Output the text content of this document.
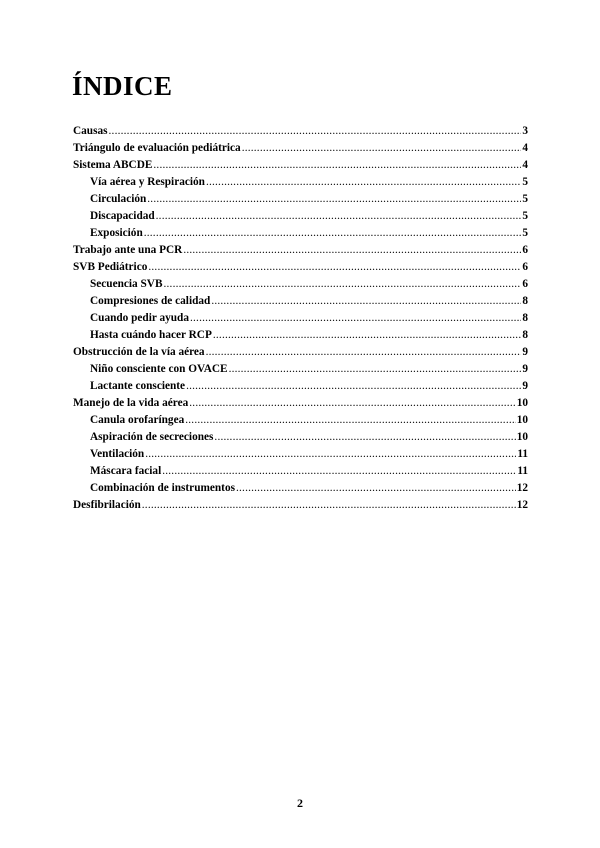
ÍNDICE
Causas .....	3
Triángulo de evaluación pediátrica .....	4
Sistema ABCDE .....	4
Vía aérea y Respiración .....	5
Circulación .....	5
Discapacidad .....	5
Exposición .....	5
Trabajo ante una PCR .....	6
SVB Pediátrico .....	6
Secuencia SVB .....	6
Compresiones de calidad .....	8
Cuando pedir ayuda .....	8
Hasta cuándo hacer RCP .....	8
Obstrucción de la vía aérea .....	9
Niño consciente con OVACE .....	9
Lactante consciente .....	9
Manejo de la vida aérea .....	10
Canula orofaríngea .....	10
Aspiración de secreciones .....	10
Ventilación .....	11
Máscara facial .....	11
Combinación de instrumentos .....	12
Desfibrilación .....	12
2
